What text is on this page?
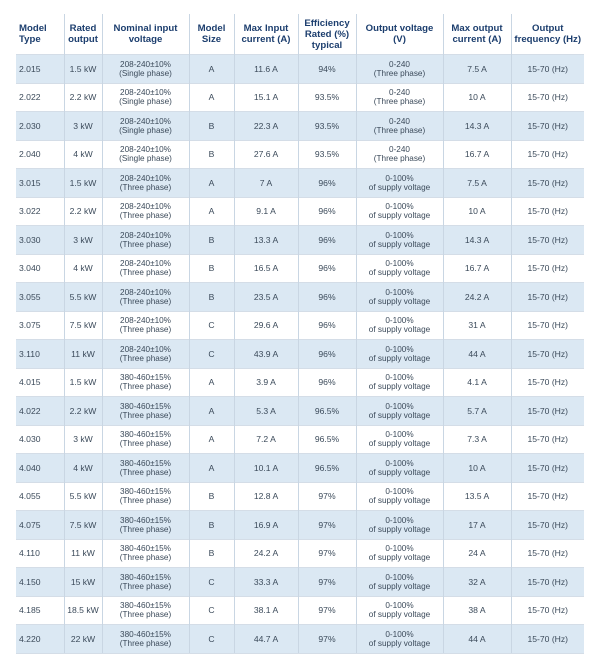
Model Type	Rated output	Nominal input voltage	Model Size	Max Input current (A)	Efficiency Rated (%) typical	Output voltage (V)	Max output current (A)	Output frequency (Hz)
2.015	1.5 kW	208-240±10%
(Single phase)	A	11.6 A	94%	0-240
(Three phase)	7.5 A	15-70 (Hz)
2.022	2.2 kW	208-240±10%
(Single phase)	A	15.1 A	93.5%	0-240
(Three phase)	10 A	15-70 (Hz)
2.030	3 kW	208-240±10%
(Single phase)	B	22.3 A	93.5%	0-240
(Three phase)	14.3 A	15-70 (Hz)
2.040	4 kW	208-240±10%
(Single phase)	B	27.6 A	93.5%	0-240
(Three phase)	16.7 A	15-70 (Hz)
3.015	1.5 kW	208-240±10%
(Three phase)	A	7 A	96%	0-100%
of supply voltage	7.5 A	15-70 (Hz)
3.022	2.2 kW	208-240±10%
(Three phase)	A	9.1 A	96%	0-100%
of supply voltage	10 A	15-70 (Hz)
3.030	3 kW	208-240±10%
(Three phase)	B	13.3 A	96%	0-100%
of supply voltage	14.3 A	15-70 (Hz)
3.040	4 kW	208-240±10%
(Three phase)	B	16.5 A	96%	0-100%
of supply voltage	16.7 A	15-70 (Hz)
3.055	5.5 kW	208-240±10%
(Three phase)	B	23.5 A	96%	0-100%
of supply voltage	24.2 A	15-70 (Hz)
3.075	7.5 kW	208-240±10%
(Three phase)	C	29.6 A	96%	0-100%
of supply voltage	31 A	15-70 (Hz)
3.110	11 kW	208-240±10%
(Three phase)	C	43.9 A	96%	0-100%
of supply voltage	44 A	15-70 (Hz)
4.015	1.5 kW	380-460±15%
(Three phase)	A	3.9 A	96%	0-100%
of supply voltage	4.1 A	15-70 (Hz)
4.022	2.2 kW	380-460±15%
(Three phase)	A	5.3 A	96.5%	0-100%
of supply voltage	5.7 A	15-70 (Hz)
4.030	3 kW	380-460±15%
(Three phase)	A	7.2 A	96.5%	0-100%
of supply voltage	7.3 A	15-70 (Hz)
4.040	4 kW	380-460±15%
(Three phase)	A	10.1 A	96.5%	0-100%
of supply voltage	10 A	15-70 (Hz)
4.055	5.5 kW	380-460±15%
(Three phase)	B	12.8 A	97%	0-100%
of supply voltage	13.5 A	15-70 (Hz)
4.075	7.5 kW	380-460±15%
(Three phase)	B	16.9 A	97%	0-100%
of supply voltage	17 A	15-70 (Hz)
4.110	11 kW	380-460±15%
(Three phase)	B	24.2 A	97%	0-100%
of supply voltage	24 A	15-70 (Hz)
4.150	15 kW	380-460±15%
(Three phase)	C	33.3 A	97%	0-100%
of supply voltage	32 A	15-70 (Hz)
4.185	18.5 kW	380-460±15%
(Three phase)	C	38.1 A	97%	0-100%
of supply voltage	38 A	15-70 (Hz)
4.220	22 kW	380-460±15%
(Three phase)	C	44.7 A	97%	0-100%
of supply voltage	44 A	15-70 (Hz)
